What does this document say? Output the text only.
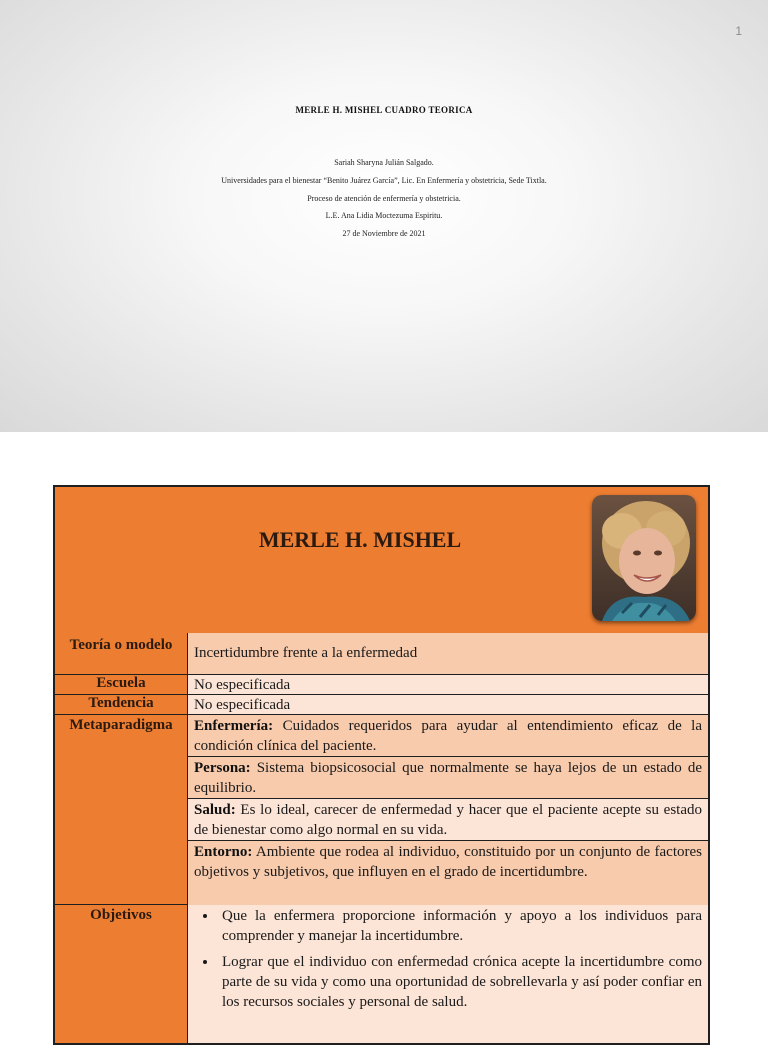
1
MERLE H. MISHEL CUADRO TEORICA
Sariah Sharyna Julián Salgado.
Universidades para el bienestar “Benito Juárez García”, Lic. En Enfermería y obstetricia, Sede Tixtla.
Proceso de atención de enfermería y obstetricia.
L.E. Ana Lidia Moctezuma Espiritu.
27 de Noviembre de 2021
MERLE H. MISHEL
Teoría o modelo	Incertidumbre frente a la enfermedad
Escuela	No especificada
Tendencia	No especificada
Metaparadigma	Enfermería: Cuidados requeridos para ayudar al entendimiento eficaz de la condición clínica del paciente.
Persona: Sistema biopsicosocial que normalmente se haya lejos de un estado de equilibrio.
Salud: Es lo ideal, carecer de enfermedad y hacer que el paciente acepte su estado de bienestar como algo normal en su vida.
Entorno: Ambiente que rodea al individuo, constituido por un conjunto de factores objetivos y subjetivos, que influyen en el grado de incertidumbre.
Objetivos
•	Que la enfermera proporcione información y apoyo a los individuos para comprender y manejar la incertidumbre.
• Lograr que el individuo con enfermedad crónica acepte la incertidumbre como parte de su vida y como una oportunidad de sobrellevarla y así poder confiar en los recursos sociales y personal de salud.
